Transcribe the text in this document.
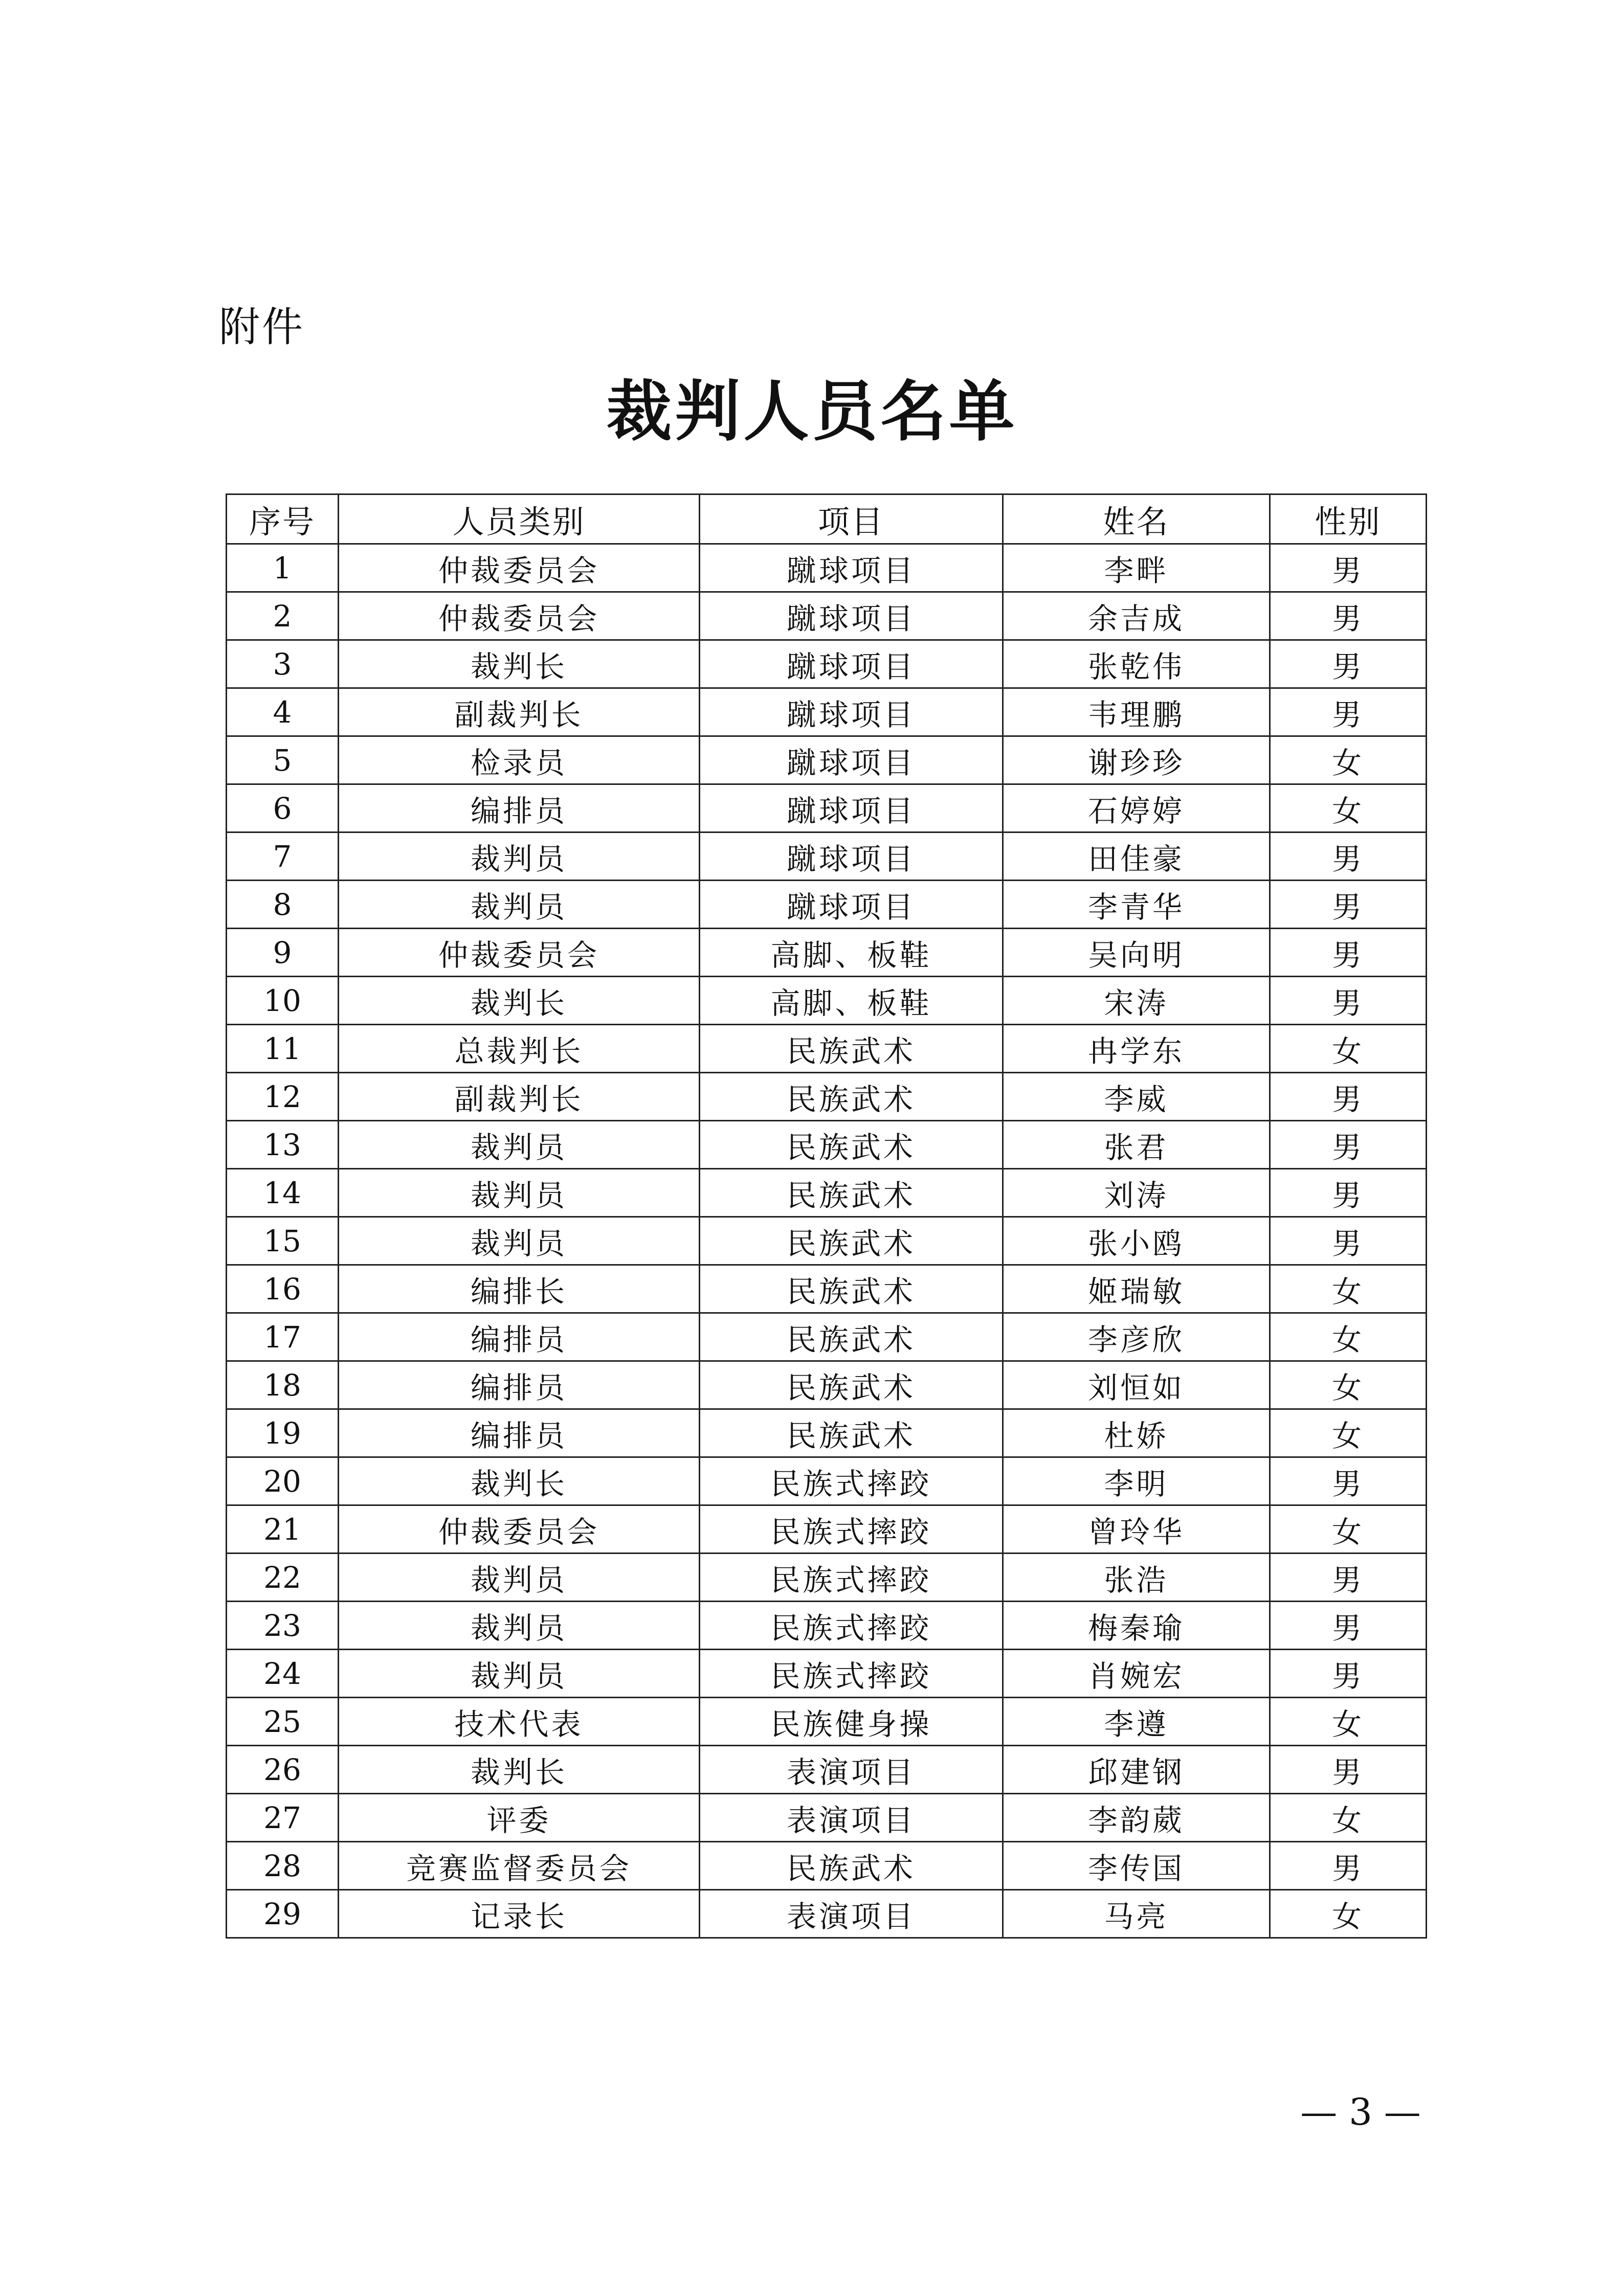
附件
裁判人员名单
序号	人员类别	项目	姓名	性别
1	仲裁委员会	蹴球项目	李畔	男
2	仲裁委员会	蹴球项目	余吉成	男
3	裁判长	蹴球项目	张乾伟	男
4	副裁判长	蹴球项目	韦理鹏	男
5	检录员	蹴球项目	谢珍珍	女
6	编排员	蹴球项目	石婷婷	女
7	裁判员	蹴球项目	田佳豪	男
8	裁判员	蹴球项目	李青华	男
9	仲裁委员会	高脚、板鞋	吴向明	男
10	裁判长	高脚、板鞋	宋涛	男
11	总裁判长	民族武术	冉学东	女
12	副裁判长	民族武术	李威	男
13	裁判员	民族武术	张君	男
14	裁判员	民族武术	刘涛	男
15	裁判员	民族武术	张小鸥	男
16	编排长	民族武术	姬瑞敏	女
17	编排员	民族武术	李彦欣	女
18	编排员	民族武术	刘恒如	女
19	编排员	民族武术	杜娇	女
20	裁判长	民族式摔跤	李明	男
21	仲裁委员会	民族式摔跤	曾玲华	女
22	裁判员	民族式摔跤	张浩	男
23	裁判员	民族式摔跤	梅秦瑜	男
24	裁判员	民族式摔跤	肖婉宏	男
25	技术代表	民族健身操	李遵	女
26	裁判长	表演项目	邱建钢	男
27	评委	表演项目	李韵葳	女
28	竞赛监督委员会	民族武术	李传国	男
29	记录长	表演项目	马亮	女
— 3 —
